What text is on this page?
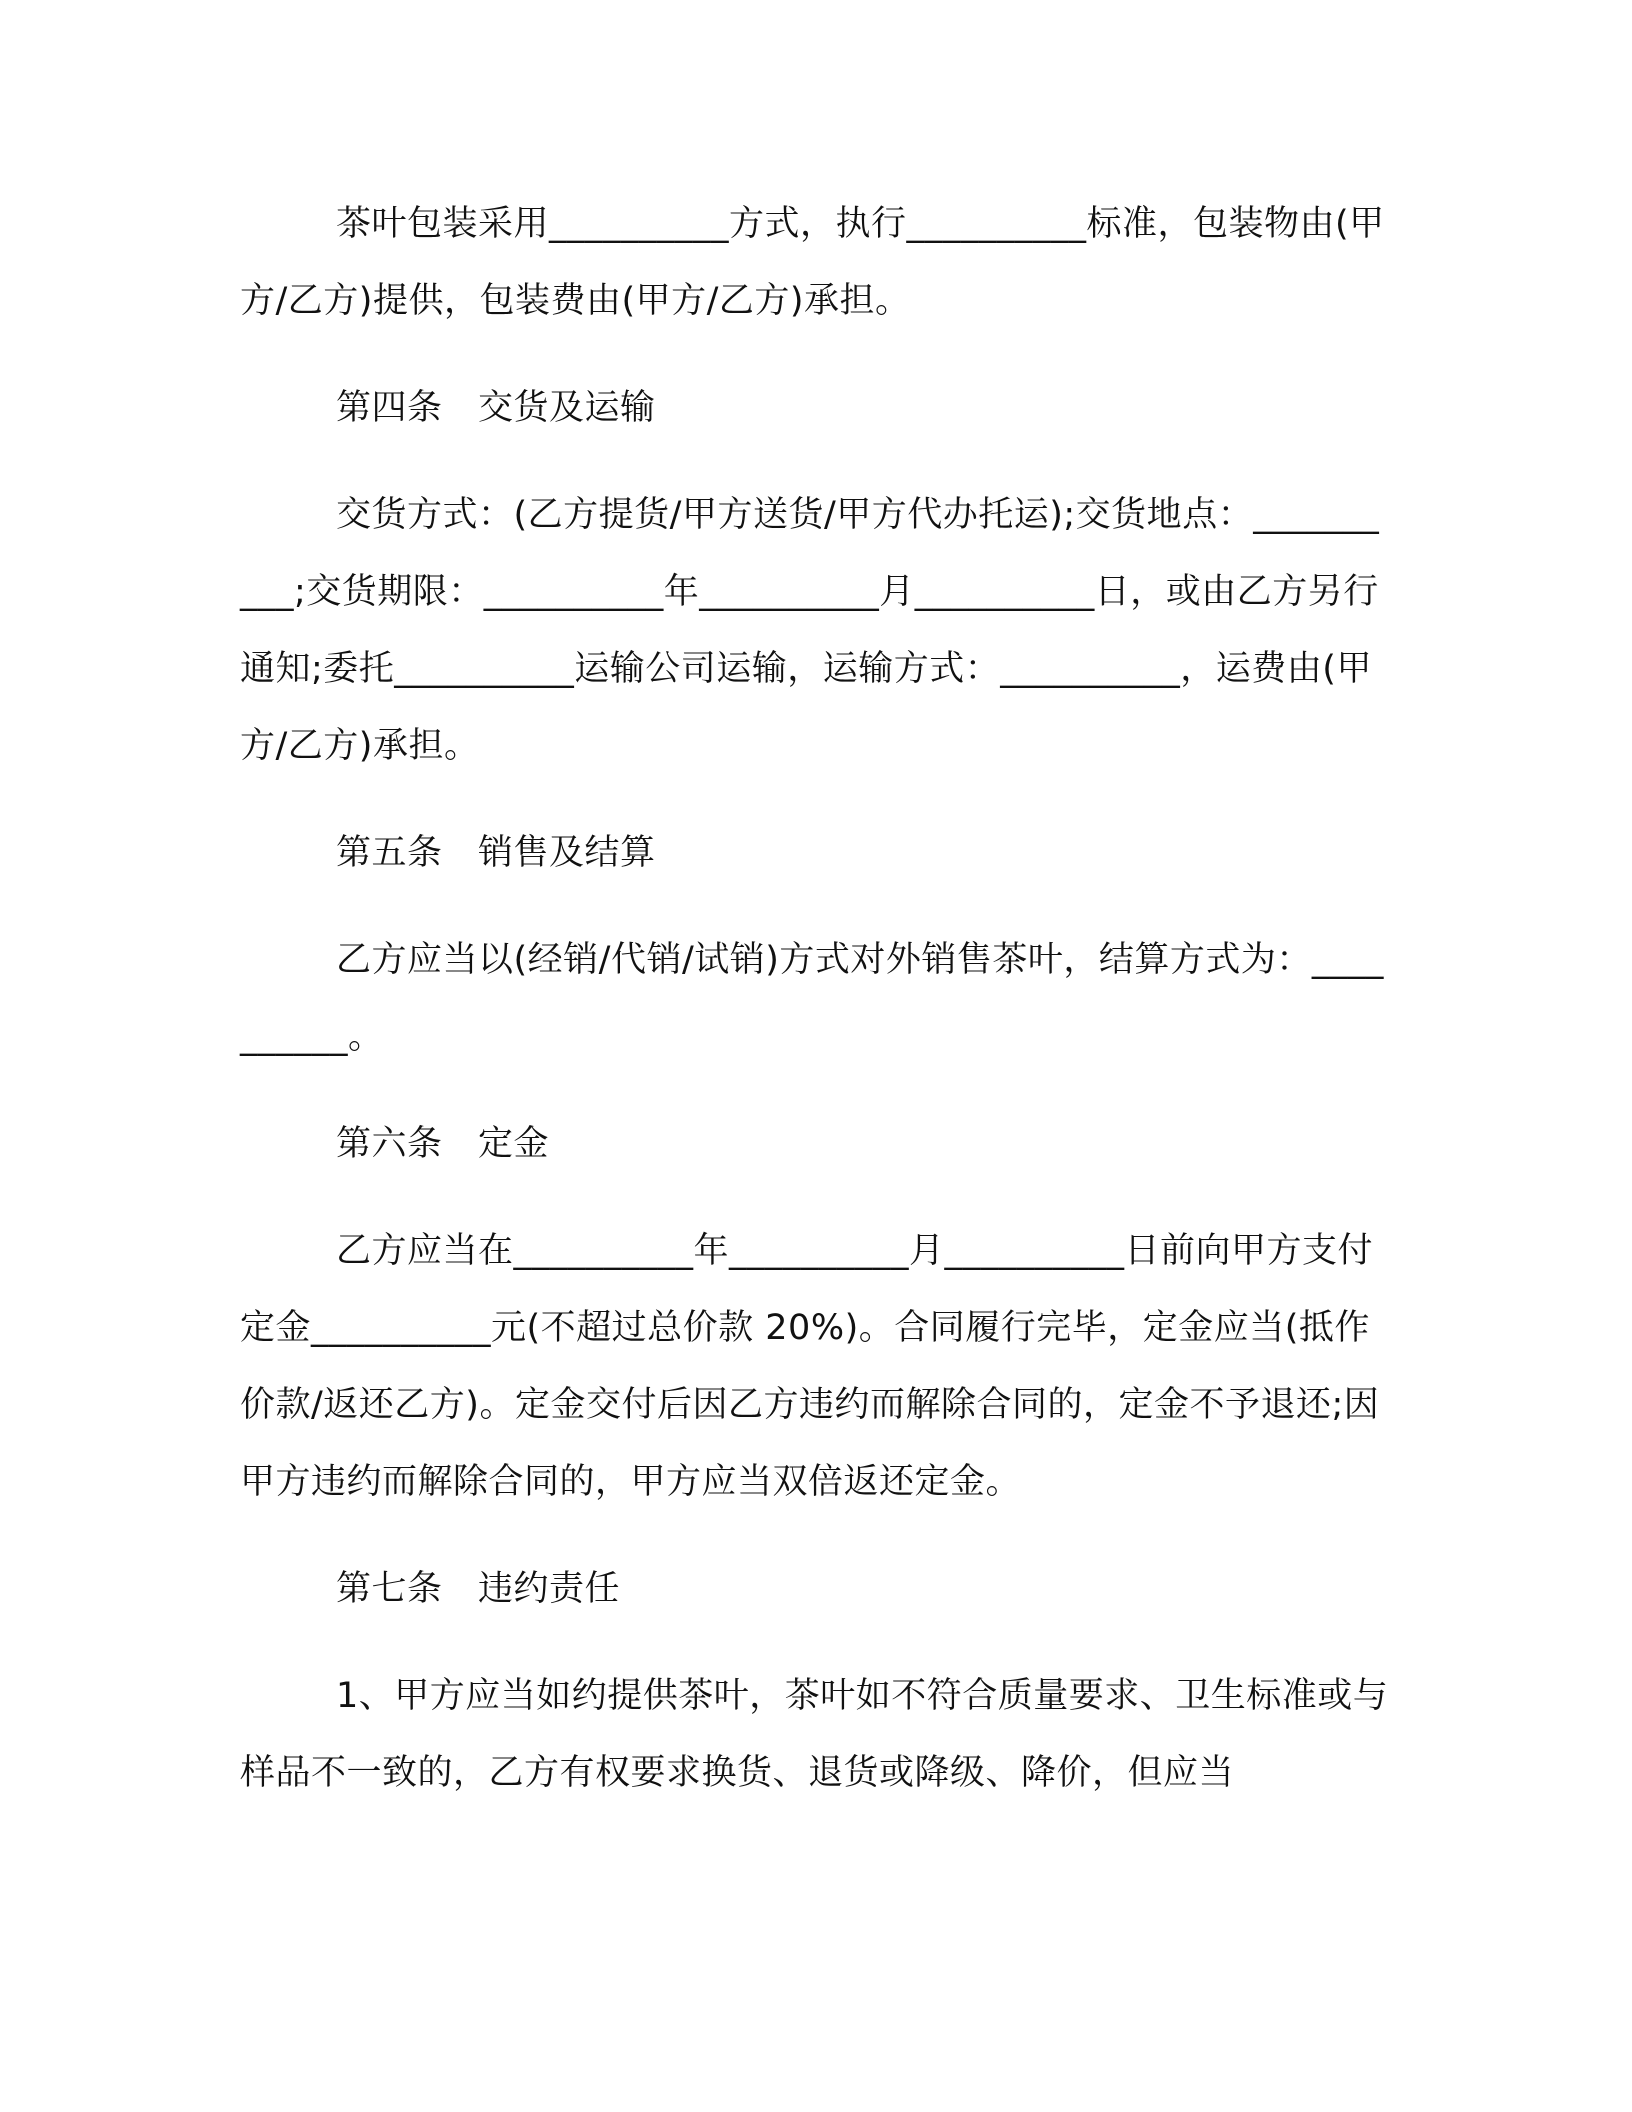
茶叶包装采用__________方式，执行__________标准，包装物由(甲方/乙方)提供，包装费由(甲方/乙方)承担。

第四条　交货及运输

交货方式：(乙方提货/甲方送货/甲方代办托运);交货地点：__________;交货期限：__________年__________月__________日，或由乙方另行通知;委托__________运输公司运输，运输方式：__________，运费由(甲方/乙方)承担。

第五条　销售及结算

乙方应当以(经销/代销/试销)方式对外销售茶叶，结算方式为：__________。

第六条　定金

乙方应当在__________年__________月__________日前向甲方支付定金__________元(不超过总价款 20%)。合同履行完毕，定金应当(抵作价款/返还乙方)。定金交付后因乙方违约而解除合同的，定金不予退还;因甲方违约而解除合同的，甲方应当双倍返还定金。

第七条　违约责任

1、甲方应当如约提供茶叶，茶叶如不符合质量要求、卫生标准或与样品不一致的，乙方有权要求换货、退货或降级、降价，但应当
